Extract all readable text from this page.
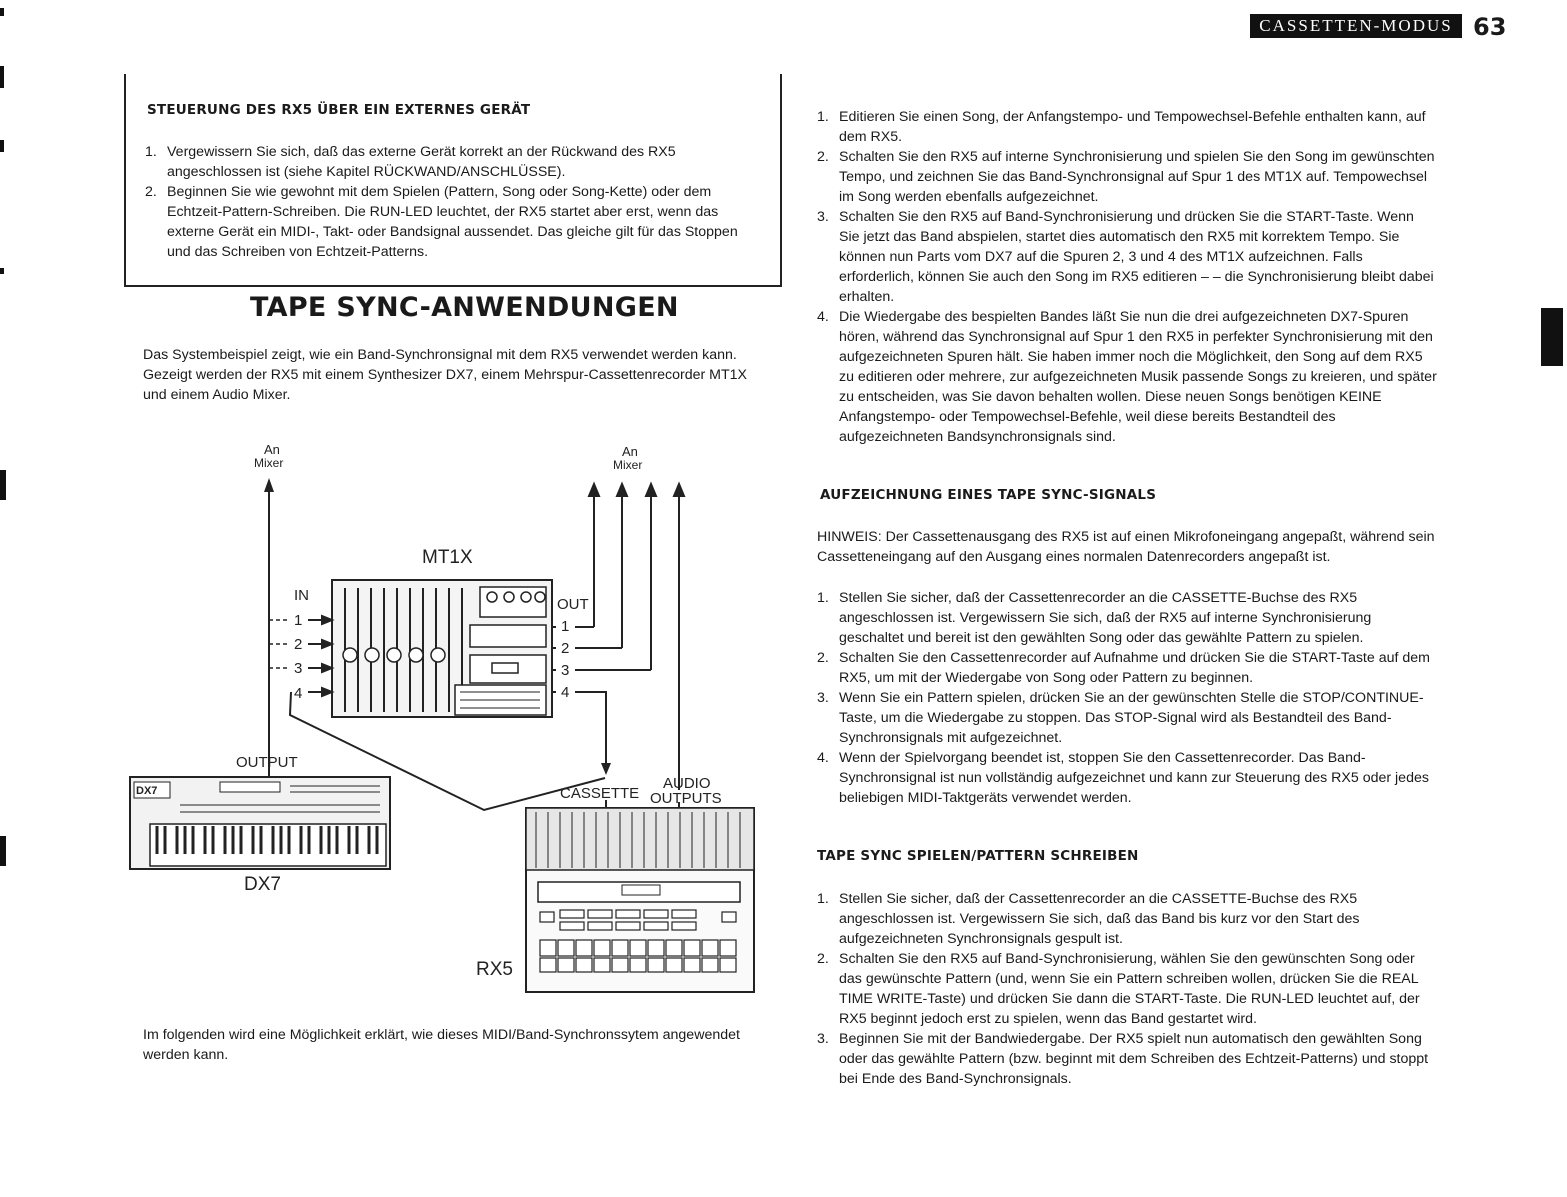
CASSETTEN-MODUS 63
STEUERUNG DES RX5 ÜBER EIN EXTERNES GERÄT
1. Vergewissern Sie sich, daß das externe Gerät korrekt an der Rückwand des RX5 angeschlossen ist (siehe Kapitel RÜCKWAND/ANSCHLÜSSE).
2. Beginnen Sie wie gewohnt mit dem Spielen (Pattern, Song oder Song-Kette) oder dem Echtzeit-Pattern-Schreiben. Die RUN-LED leuchtet, der RX5 startet aber erst, wenn das externe Gerät ein MIDI-, Takt- oder Bandsignal aussendet. Das gleiche gilt für das Stoppen und das Schreiben von Echtzeit-Patterns.
TAPE SYNC-ANWENDUNGEN
Das Systembeispiel zeigt, wie ein Band-Synchronsignal mit dem RX5 verwendet werden kann. Gezeigt werden der RX5 mit einem Synthesizer DX7, einem Mehrspur-Cassettenrecorder MT1X und einem Audio Mixer.
An
Mixer
An
Mixer
MT1X
IN
1
2
3
4
OUT
1
2
3
4
OUTPUT
DX7
DX7
AUDIO
OUTPUTS
CASSETTE
RX5
Im folgenden wird eine Möglichkeit erklärt, wie dieses MIDI/Band-Synchronssytem angewendet werden kann.
1. Editieren Sie einen Song, der Anfangstempo- und Tempowechsel-Befehle enthalten kann, auf dem RX5.
2. Schalten Sie den RX5 auf interne Synchronisierung und spielen Sie den Song im gewünschten Tempo, und zeichnen Sie das Band-Synchronsignal auf Spur 1 des MT1X auf. Tempowechsel im Song werden ebenfalls aufgezeichnet.
3. Schalten Sie den RX5 auf Band-Synchronisierung und drücken Sie die START-Taste. Wenn Sie jetzt das Band abspielen, startet dies automatisch den RX5 mit korrektem Tempo. Sie können nun Parts vom DX7 auf die Spuren 2, 3 und 4 des MT1X aufzeichnen. Falls erforderlich, können Sie auch den Song im RX5 editieren – – die Synchronisierung bleibt dabei erhalten.
4. Die Wiedergabe des bespielten Bandes läßt Sie nun die drei aufgezeichneten DX7-Spuren hören, während das Synchronsignal auf Spur 1 den RX5 in perfekter Synchronisierung mit den aufgezeichneten Spuren hält. Sie haben immer noch die Möglichkeit, den Song auf dem RX5 zu editieren oder mehrere, zur aufgezeichneten Musik passende Songs zu kreieren, und später zu entscheiden, was Sie davon behalten wollen. Diese neuen Songs benötigen KEINE Anfangstempo- oder Tempowechsel-Befehle, weil diese bereits Bestandteil des aufgezeichneten Bandsynchronsignals sind.
AUFZEICHNUNG EINES TAPE SYNC-SIGNALS
HINWEIS: Der Cassettenausgang des RX5 ist auf einen Mikrofoneingang angepaßt, während sein Cassetteneingang auf den Ausgang eines normalen Datenrecorders angepaßt ist.
1. Stellen Sie sicher, daß der Cassettenrecorder an die CASSETTE-Buchse des RX5 angeschlossen ist. Vergewissern Sie sich, daß der RX5 auf interne Synchronisierung geschaltet und bereit ist den gewählten Song oder das gewählte Pattern zu spielen.
2. Schalten Sie den Cassettenrecorder auf Aufnahme und drücken Sie die START-Taste auf dem RX5, um mit der Wiedergabe von Song oder Pattern zu beginnen.
3. Wenn Sie ein Pattern spielen, drücken Sie an der gewünschten Stelle die STOP/CONTINUE-Taste, um die Wiedergabe zu stoppen. Das STOP-Signal wird als Bestandteil des Band-Synchronsignals mit aufgezeichnet.
4. Wenn der Spielvorgang beendet ist, stoppen Sie den Cassettenrecorder. Das Band-Synchronsignal ist nun vollständig aufgezeichnet und kann zur Steuerung des RX5 oder jedes beliebigen MIDI-Taktgeräts verwendet werden.
TAPE SYNC SPIELEN/PATTERN SCHREIBEN
1. Stellen Sie sicher, daß der Cassettenrecorder an die CASSETTE-Buchse des RX5 angeschlossen ist. Vergewissern Sie sich, daß das Band bis kurz vor den Start des aufgezeichneten Synchronsignals gespult ist.
2. Schalten Sie den RX5 auf Band-Synchronisierung, wählen Sie den gewünschten Song oder das gewünschte Pattern (und, wenn Sie ein Pattern schreiben wollen, drücken Sie die REAL TIME WRITE-Taste) und drücken Sie dann die START-Taste. Die RUN-LED leuchtet auf, der RX5 beginnt jedoch erst zu spielen, wenn das Band gestartet wird.
3. Beginnen Sie mit der Bandwiedergabe. Der RX5 spielt nun automatisch den gewählten Song oder das gewählte Pattern (bzw. beginnt mit dem Schreiben des Echtzeit-Patterns) und stoppt bei Ende des Band-Synchronsignals.
